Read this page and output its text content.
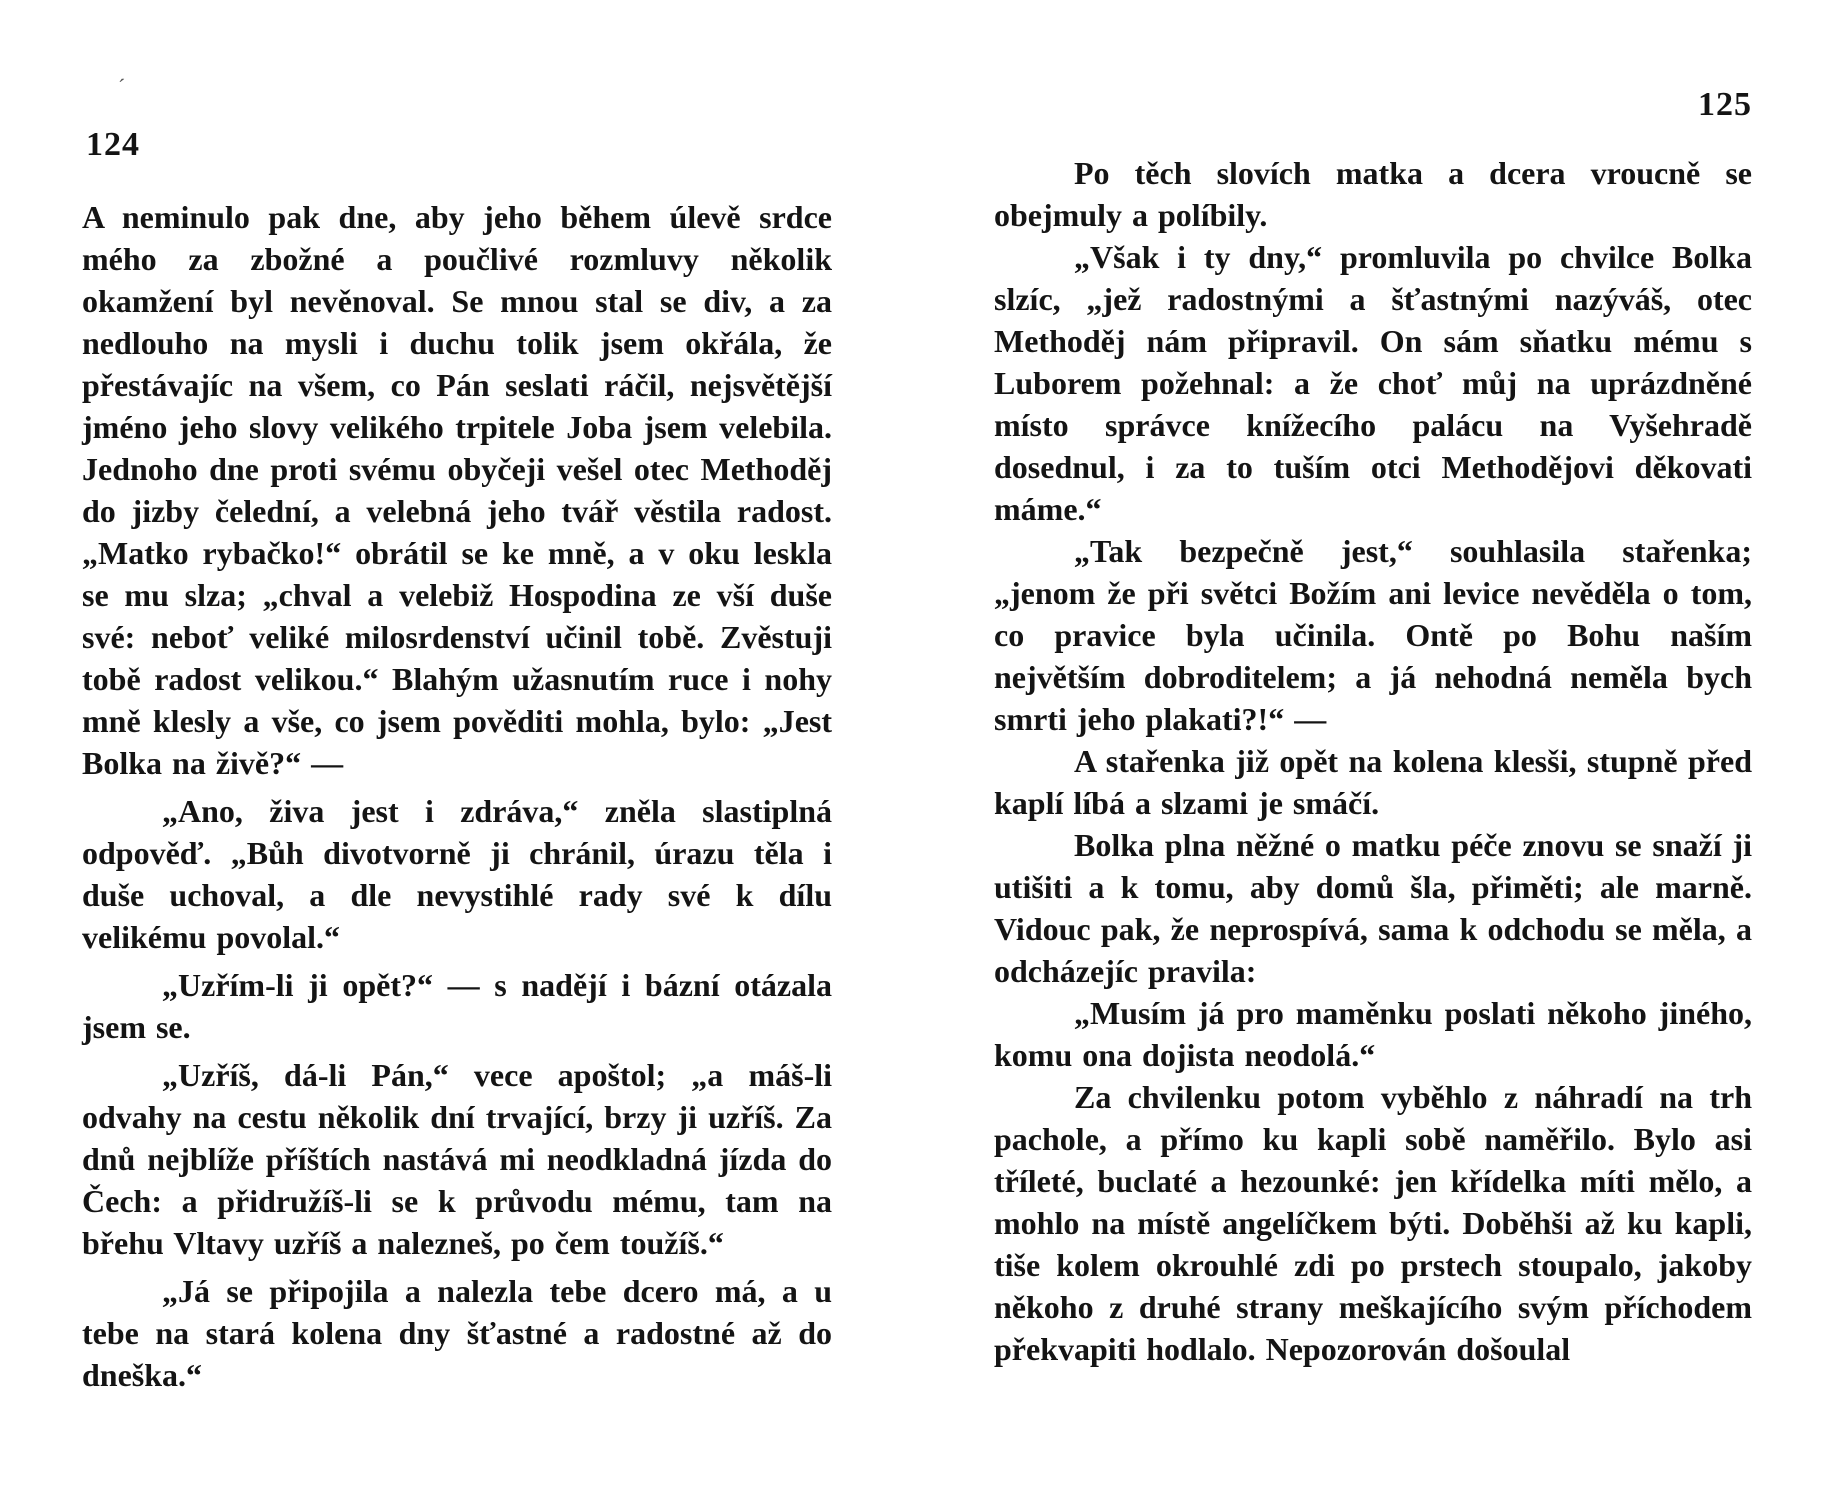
´
124

A neminulo pak dne, aby jeho během úlevě srdce mého za zbožné a poučlivé rozmluvy několik okamžení byl nevěnoval. Se mnou stal se div, a za nedlouho na mysli i duchu tolik jsem okřála, že přestávajíc na všem, co Pán seslati ráčil, nejsvětější jméno jeho slovy velikého trpitele Joba jsem velebila. Jednoho dne proti svému obyčeji vešel otec Methoděj do jizby čelední, a velebná jeho tvář věstila radost. „Matko rybačko!“ obrátil se ke mně, a v oku leskla se mu slza; „chval a velebiž Hospodina ze vší duše své: neboť veliké milosrdenství učinil tobě. Zvěstuji tobě radost velikou.“ Blahým užasnutím ruce i nohy mně klesly a vše, co jsem pověditi mohla, bylo: „Jest Bolka na živě?“ —

„Ano, živa jest i zdráva,“ zněla slastiplná odpověď. „Bůh divotvorně ji chránil, úrazu těla i duše uchoval, a dle nevystihlé rady své k dílu velikému povolal.“

„Uzřím-li ji opět?“ — s nadějí i bázní otázala jsem se.

„Uzříš, dá-li Pán,“ vece apoštol; „a máš-li odvahy na cestu několik dní trvající, brzy ji uzříš. Za dnů nejblíže příštích nastává mi neodkladná jízda do Čech: a přidružíš-li se k průvodu mému, tam na břehu Vltavy uzříš a nalezneš, po čem toužíš.“

„Já se připojila a nalezla tebe dcero má, a u tebe na stará kolena dny šťastné a radostné až do dneška.“

125

Po těch slovích matka a dcera vroucně se obejmuly a políbily.

„Však i ty dny,“ promluvila po chvilce Bolka slzíc, „jež radostnými a šťastnými nazýváš, otec Methoděj nám připravil. On sám sňatku mému s Luborem požehnal: a že choť můj na uprázdněné místo správce knížecího palácu na Vyšehradě dosednul, i za to tuším otci Methodějovi děkovati máme.“

„Tak bezpečně jest,“ souhlasila stařenka; „jenom že při světci Božím ani levice nevěděla o tom, co pravice byla učinila. Ontě po Bohu naším největším dobroditelem; a já nehodná neměla bych smrti jeho plakati?!“ —

A stařenka již opět na kolena klesši, stupně před kaplí líbá a slzami je smáčí.

Bolka plna něžné o matku péče znovu se snaží ji utišiti a k tomu, aby domů šla, přiměti; ale marně. Vidouc pak, že neprospívá, sama k odchodu se měla, a odcházejíc pravila:

„Musím já pro maměnku poslati někoho jiného, komu ona dojista neodolá.“

Za chvilenku potom vyběhlo z náhradí na trh pachole, a přímo ku kapli sobě naměřilo. Bylo asi tříleté, buclaté a hezounké: jen křídelka míti mělo, a mohlo na místě angelíčkem býti. Doběhši až ku kapli, tiše kolem okrouhlé zdi po prstech stoupalo, jakoby někoho z druhé strany meškajícího svým příchodem překvapiti hodlalo. Nepozorován došoulal
